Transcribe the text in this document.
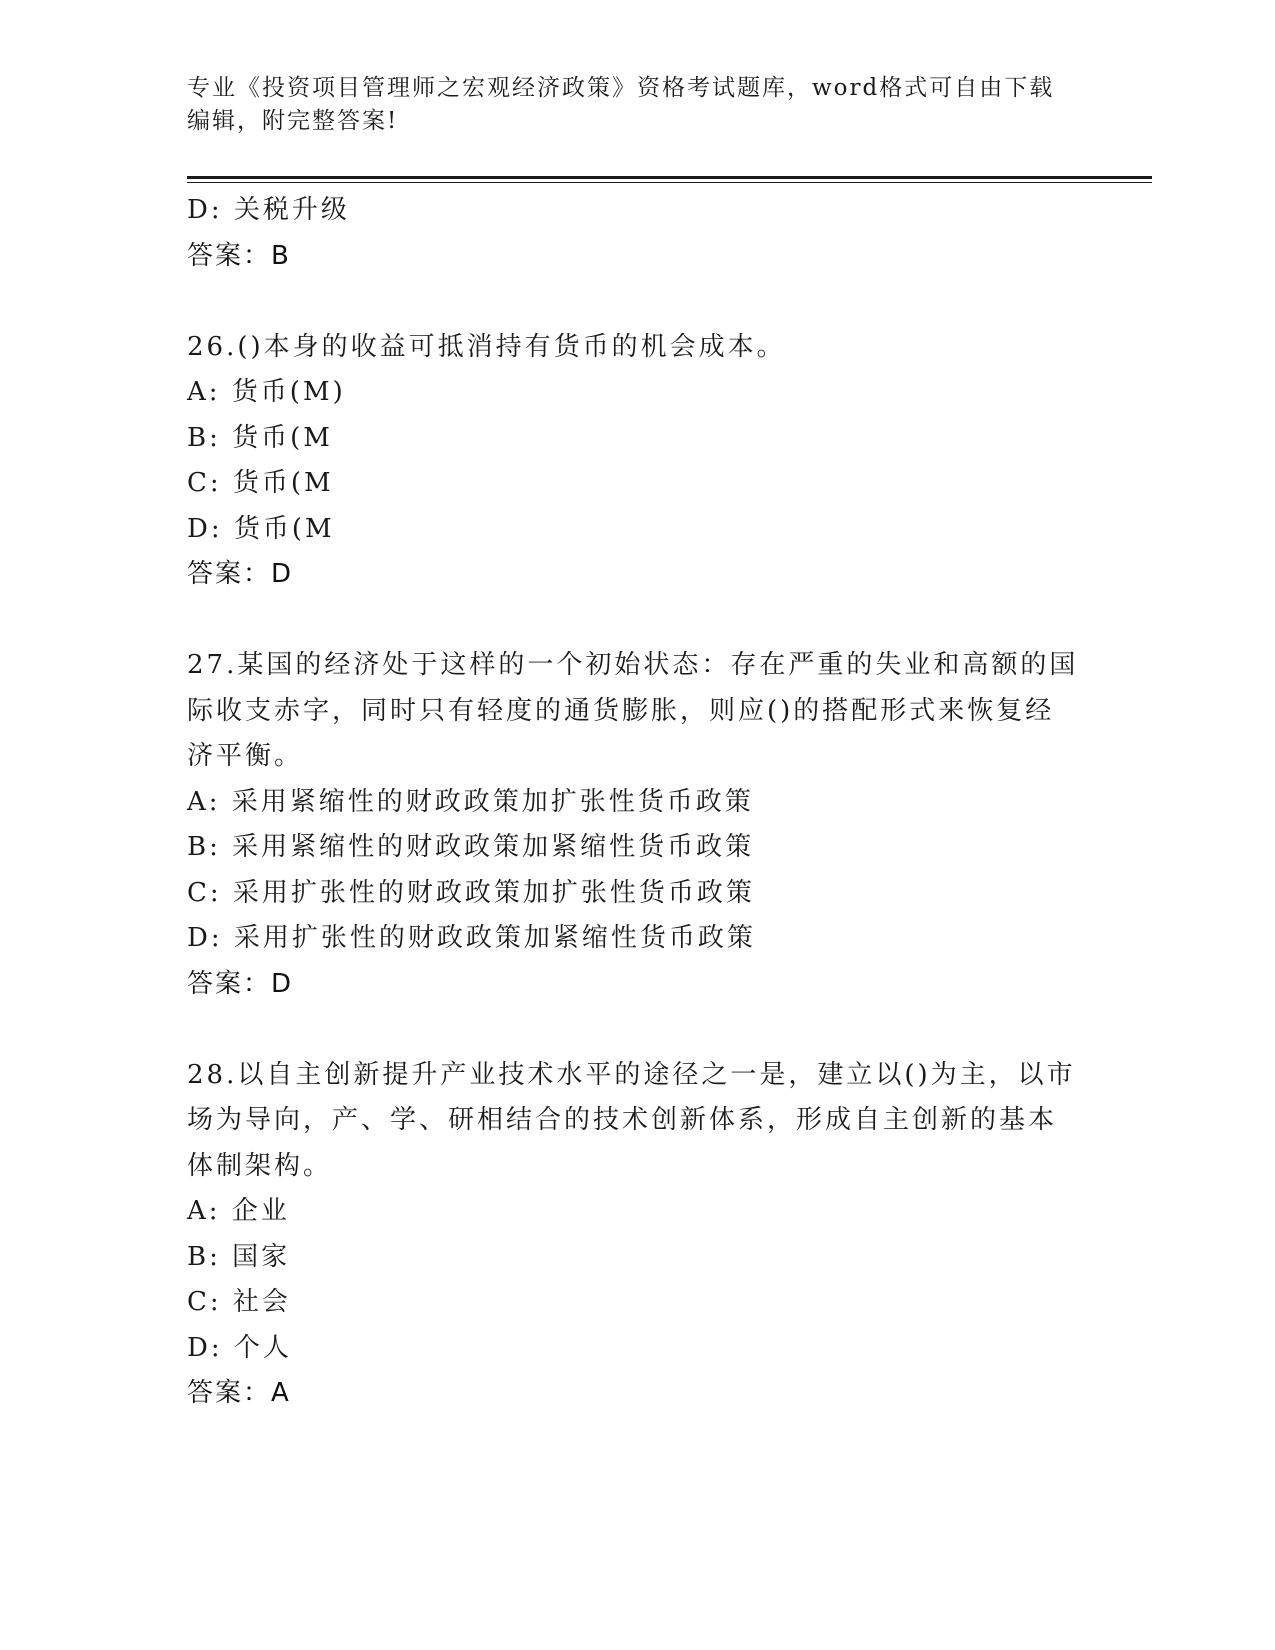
专业《投资项目管理师之宏观经济政策》资格考试题库，word格式可自由下载编辑，附完整答案!
D: 关税升级
答案：B
26.()本身的收益可抵消持有货币的机会成本。
A: 货币(M)
B: 货币(M
C: 货币(M
D: 货币(M
答案：D
27.某国的经济处于这样的一个初始状态：存在严重的失业和高额的国
际收支赤字，同时只有轻度的通货膨胀，则应()的搭配形式来恢复经
济平衡。
A: 采用紧缩性的财政政策加扩张性货币政策
B: 采用紧缩性的财政政策加紧缩性货币政策
C: 采用扩张性的财政政策加扩张性货币政策
D: 采用扩张性的财政政策加紧缩性货币政策
答案：D
28.以自主创新提升产业技术水平的途径之一是，建立以()为主，以市
场为导向，产、学、研相结合的技术创新体系，形成自主创新的基本
体制架构。
A: 企业
B: 国家
C: 社会
D: 个人
答案：A
